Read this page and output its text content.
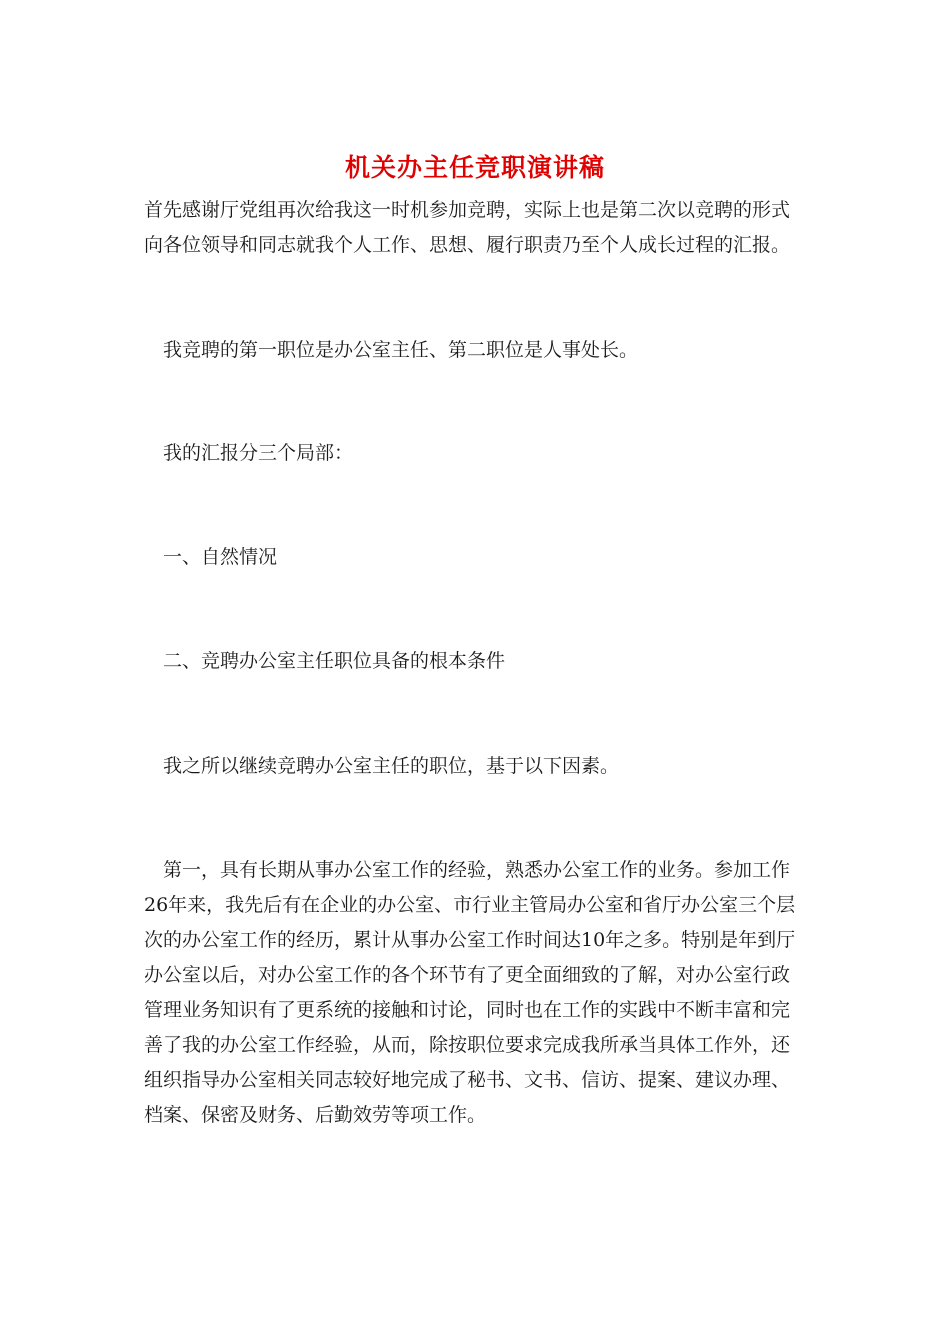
机关办主任竞职演讲稿

首先感谢厅党组再次给我这一时机参加竞聘，实际上也是第二次以竞聘的形式
向各位领导和同志就我个人工作、思想、履行职责乃至个人成长过程的汇报。

我竞聘的第一职位是办公室主任、第二职位是人事处长。

我的汇报分三个局部：

一、自然情况

二、竞聘办公室主任职位具备的根本条件

我之所以继续竞聘办公室主任的职位，基于以下因素。

第一，具有长期从事办公室工作的经验，熟悉办公室工作的业务。参加工作
26年来，我先后有在企业的办公室、市行业主管局办公室和省厅办公室三个层
次的办公室工作的经历，累计从事办公室工作时间达10年之多。特别是年到厅
办公室以后，对办公室工作的各个环节有了更全面细致的了解，对办公室行政
管理业务知识有了更系统的接触和讨论，同时也在工作的实践中不断丰富和完
善了我的办公室工作经验，从而，除按职位要求完成我所承当具体工作外，还
组织指导办公室相关同志较好地完成了秘书、文书、信访、提案、建议办理、
档案、保密及财务、后勤效劳等项工作。
